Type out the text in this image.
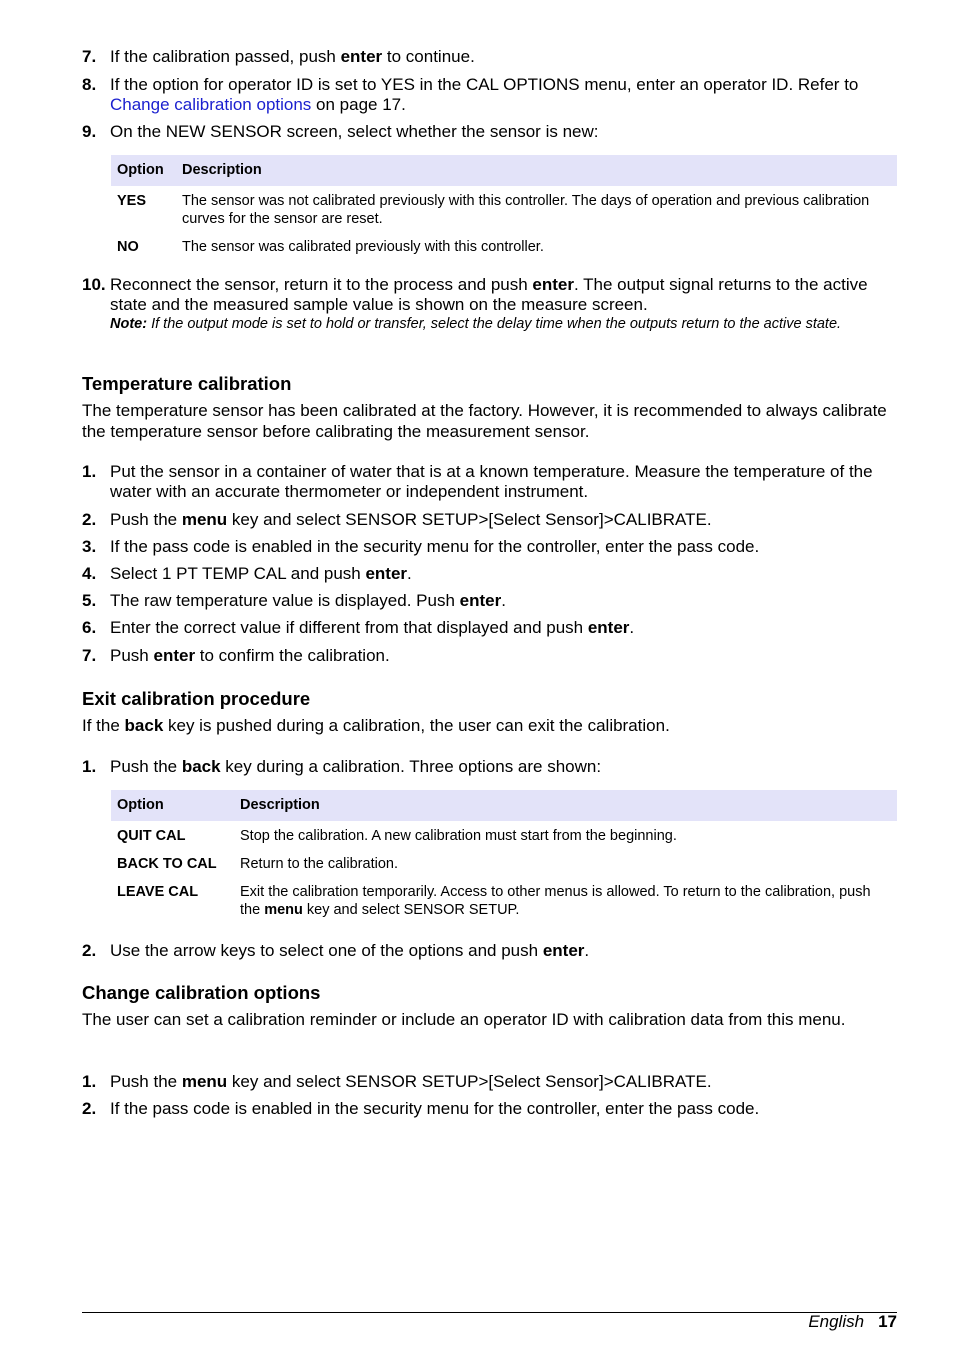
7. If the calibration passed, push enter to continue.
8. If the option for operator ID is set to YES in the CAL OPTIONS menu, enter an operator ID. Refer to Change calibration options on page 17.
9. On the NEW SENSOR screen, select whether the sensor is new:
Option	Description
YES	The sensor was not calibrated previously with this controller. The days of operation and previous calibration curves for the sensor are reset.
NO	The sensor was calibrated previously with this controller.
10. Reconnect the sensor, return it to the process and push enter. The output signal returns to the active state and the measured sample value is shown on the measure screen.
Note: If the output mode is set to hold or transfer, select the delay time when the outputs return to the active state.
Temperature calibration
The temperature sensor has been calibrated at the factory. However, it is recommended to always calibrate the temperature sensor before calibrating the measurement sensor.
1. Put the sensor in a container of water that is at a known temperature. Measure the temperature of the water with an accurate thermometer or independent instrument.
2. Push the menu key and select SENSOR SETUP>[Select Sensor]>CALIBRATE.
3. If the pass code is enabled in the security menu for the controller, enter the pass code.
4. Select 1 PT TEMP CAL and push enter.
5. The raw temperature value is displayed. Push enter.
6. Enter the correct value if different from that displayed and push enter.
7. Push enter to confirm the calibration.
Exit calibration procedure
If the back key is pushed during a calibration, the user can exit the calibration.
1. Push the back key during a calibration. Three options are shown:
Option	Description
QUIT CAL	Stop the calibration. A new calibration must start from the beginning.
BACK TO CAL	Return to the calibration.
LEAVE CAL	Exit the calibration temporarily. Access to other menus is allowed. To return to the calibration, push the menu key and select SENSOR SETUP.
2. Use the arrow keys to select one of the options and push enter.
Change calibration options
The user can set a calibration reminder or include an operator ID with calibration data from this menu.
1. Push the menu key and select SENSOR SETUP>[Select Sensor]>CALIBRATE.
2. If the pass code is enabled in the security menu for the controller, enter the pass code.
English 17
